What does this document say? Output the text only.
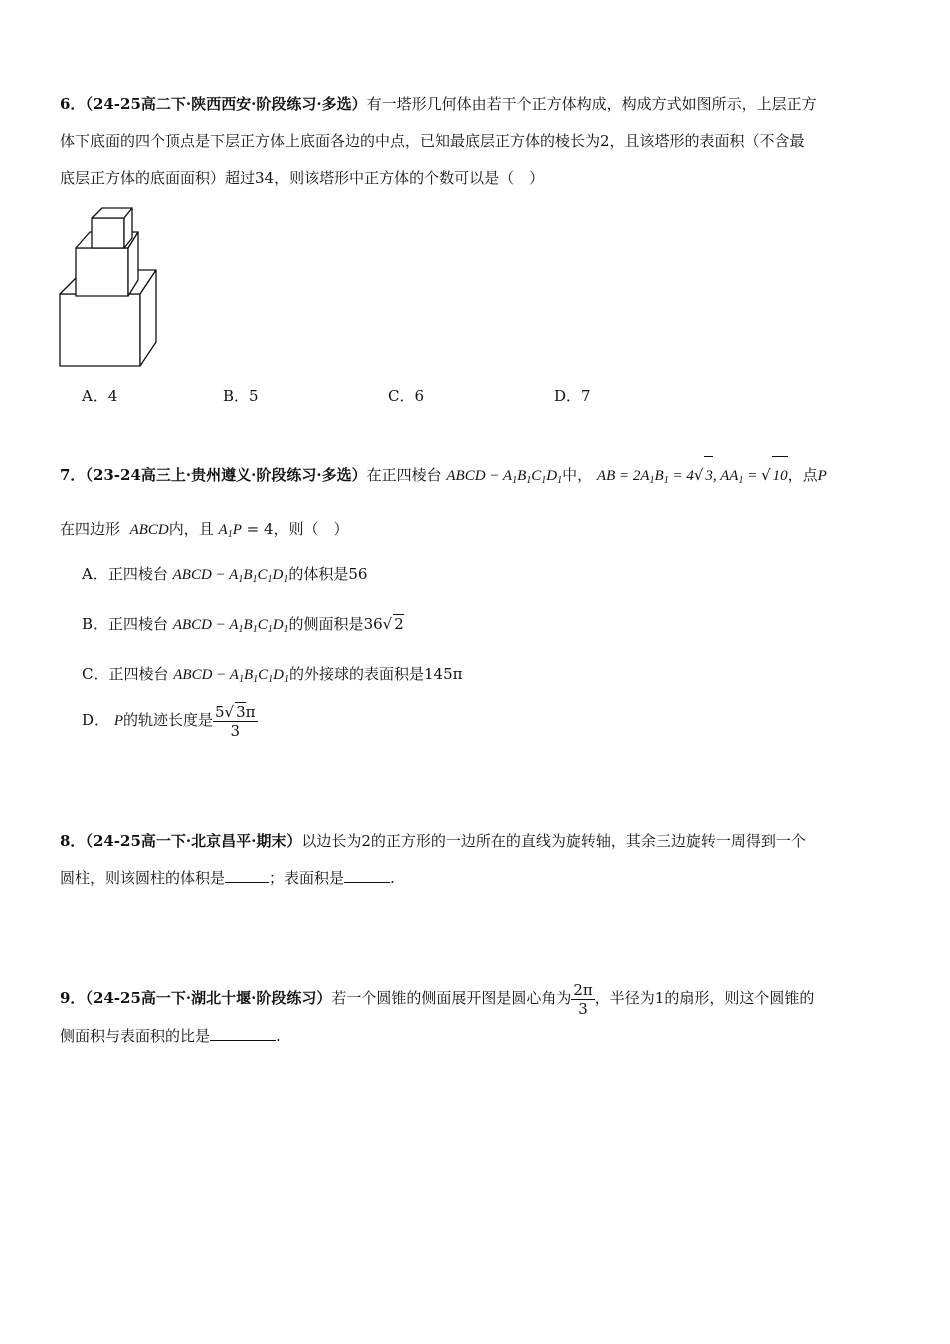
6．（24-25高二下·陕西西安·阶段练习·多选）有一塔形几何体由若干个正方体构成，构成方式如图所示，上层正方
体下底面的四个顶点是下层正方体上底面各边的中点，已知最底层正方体的棱长为2，且该塔形的表面积（不含最
底层正方体的底面面积）超过34，则该塔形中正方体的个数可以是（　）
A．4	B．5	C．6	D．7
7．（23-24高三上·贵州遵义·阶段练习·多选）在正四棱台 ABCD − $A_1B_1C_1D_1$中， AB = $2A_1B_1 = 4√$ 3, $AA_1$ = √ 10，点P
在四边形 ABCD内，且 $A_1P = 4$，则（　）
A．正四棱台 ABCD − $A_1B_1C_1D_1$的体积是56
B．正四棱台 ABCD − $A_1B_1C_1D_1$的侧面积是36√ 2
C．正四棱台 ABCD − $A_1B_1C_1D_1$的外接球的表面积是145π
D． P的轨迹长度是 $\frac{5√ 3\pi}{3}$
8．（24-25高一下·北京昌平·期末）以边长为2的正方形的一边所在的直线为旋转轴，其余三边旋转一周得到一个
圆柱，则该圆柱的体积是	；表面积是	.
9．（24-25高一下·湖北十堰·阶段练习）若一个圆锥的侧面展开图是圆心角为 $\frac{2\pi}{3}$ ，半径为1的扇形，则这个圆锥的
侧面积与表面积的比是	.
